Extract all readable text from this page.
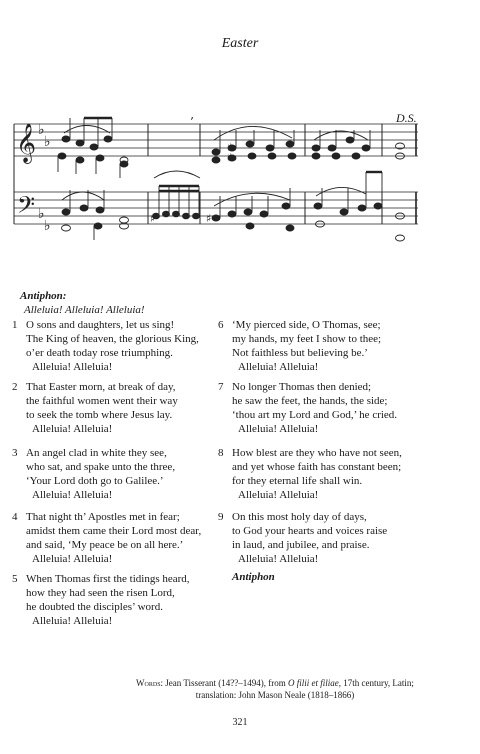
Easter
𝄞
𝄢
♭
♭
♭
♭
’
♯
♯
♯	♯
D.S.
Antiphon:
Alleluia! Alleluia! Alleluia!
1 O sons and daughters, let us sing!
The King of heaven, the glorious King,
o’er death today rose triumphing.
Alleluia! Alleluia!
2 That Easter morn, at break of day,
the faithful women went their way
to seek the tomb where Jesus lay.
Alleluia! Alleluia!
3 An angel clad in white they see,
who sat, and spake unto the three,
‘Your Lord doth go to Galilee.’
Alleluia! Alleluia!
4 That night th’ Apostles met in fear;
amidst them came their Lord most dear,
and said, ‘My peace be on all here.’
Alleluia! Alleluia!
5 When Thomas first the tidings heard,
how they had seen the risen Lord,
he doubted the disciples’ word.
Alleluia! Alleluia!
6 ‘My pierced side, O Thomas, see;
my hands, my feet I show to thee;
Not faithless but believing be.’
Alleluia! Alleluia!
7 No longer Thomas then denied;
he saw the feet, the hands, the side;
‘thou art my Lord and God,’ he cried.
Alleluia! Alleluia!
8 How blest are they who have not seen,
and yet whose faith has constant been;
for they eternal life shall win.
Alleluia! Alleluia!
9 On this most holy day of days,
to God your hearts and voices raise
in laud, and jubilee, and praise.
Alleluia! Alleluia!
Antiphon
Words: Jean Tisserant (14??–1494), from O filii et filiae, 17th century, Latin;
translation: John Mason Neale (1818–1866)
321
